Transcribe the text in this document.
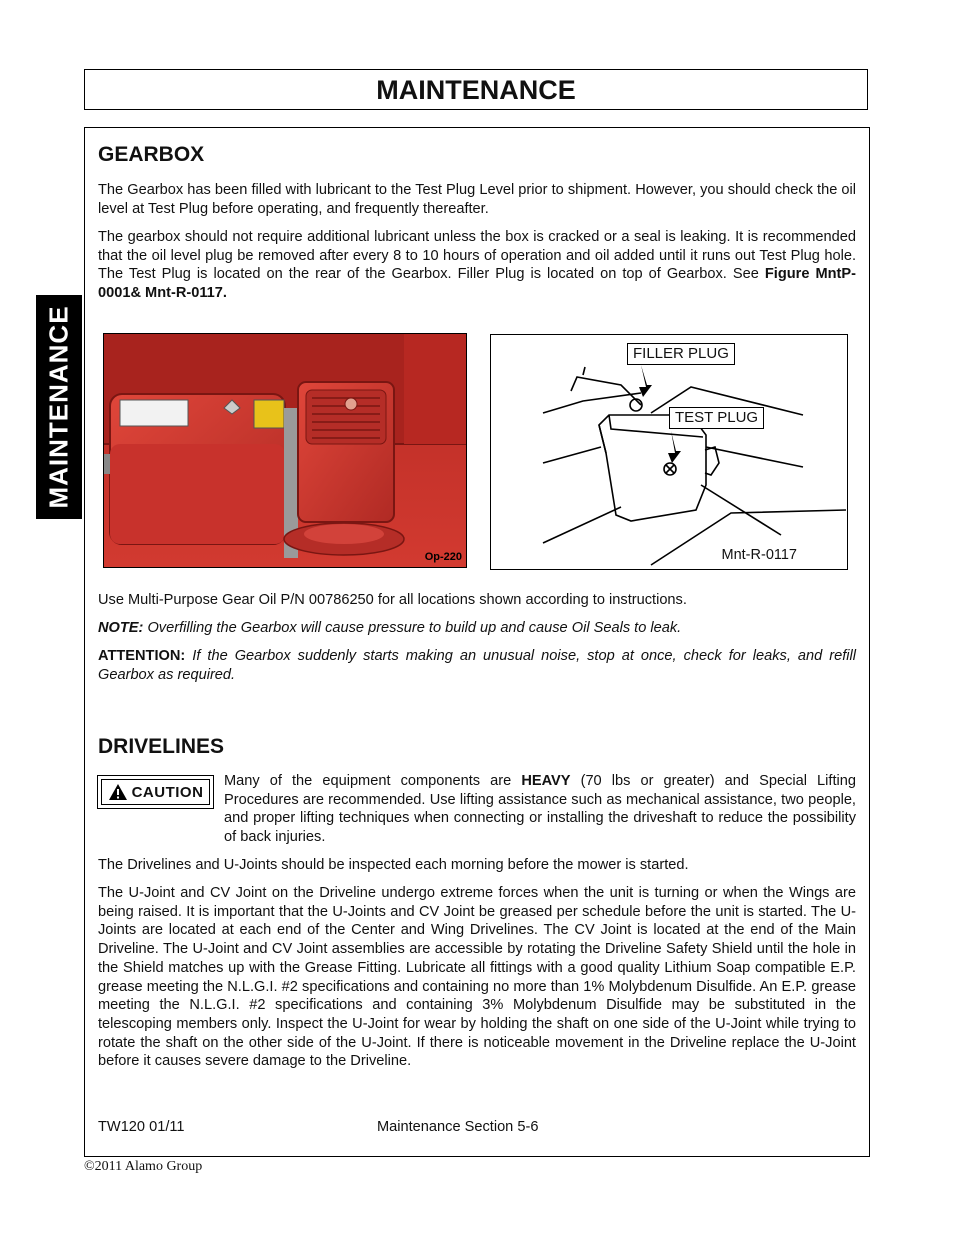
MAINTENANCE
MAINTENANCE
GEARBOX

The Gearbox has been filled with lubricant to the Test Plug Level prior to shipment. However, you should check the oil level at Test Plug before operating, and frequently thereafter.

The gearbox should not require additional lubricant unless the box is cracked or a seal is leaking. It is recommended that the oil level plug be removed after every 8 to 10 hours of operation and oil added until it runs out Test Plug hole. The Test Plug is located on the rear of the Gearbox. Filler Plug is located on top of Gearbox. See Figure MntP-0001& Mnt-R-0117.

Op-220
FILLER PLUG
TEST PLUG
Mnt-R-0117

Use Multi-Purpose Gear Oil P/N 00786250 for all locations shown according to instructions.

NOTE: Overfilling the Gearbox will cause pressure to build up and cause Oil Seals to leak.

ATTENTION: If the Gearbox suddenly starts making an unusual noise, stop at once, check for leaks, and refill Gearbox as required.

DRIVELINES
CAUTION

Many of the equipment components are HEAVY (70 lbs or greater) and Special Lifting Procedures are recommended. Use lifting assistance such as mechanical assistance, two people, and proper lifting techniques when connecting or installing the driveshaft to reduce the possibility of back injuries.

The Drivelines and U-Joints should be inspected each morning before the mower is started.

The U-Joint and CV Joint on the Driveline undergo extreme forces when the unit is turning or when the Wings are being raised. It is important that the U-Joints and CV Joint be greased per schedule before the unit is started. The U-Joints are located at each end of the Center and Wing Drivelines. The CV Joint is located at the end of the Main Driveline. The U-Joint and CV Joint assemblies are accessible by rotating the Driveline Safety Shield until the hole in the Shield matches up with the Grease Fitting. Lubricate all fittings with a good quality Lithium Soap compatible E.P. grease meeting the N.L.G.I. #2 specifications and containing no more than 1% Molybdenum Disulfide. An E.P. grease meeting the N.L.G.I. #2 specifications and containing 3% Molybdenum Disulfide may be substituted in the telescoping members only. Inspect the U-Joint for wear by holding the shaft on one side of the U-Joint while trying to rotate the shaft on the other side of the U-Joint. If there is noticeable movement in the Driveline replace the U-Joint before it causes severe damage to the Driveline.

TW120 01/11	Maintenance Section 5-6
©2011 Alamo Group
